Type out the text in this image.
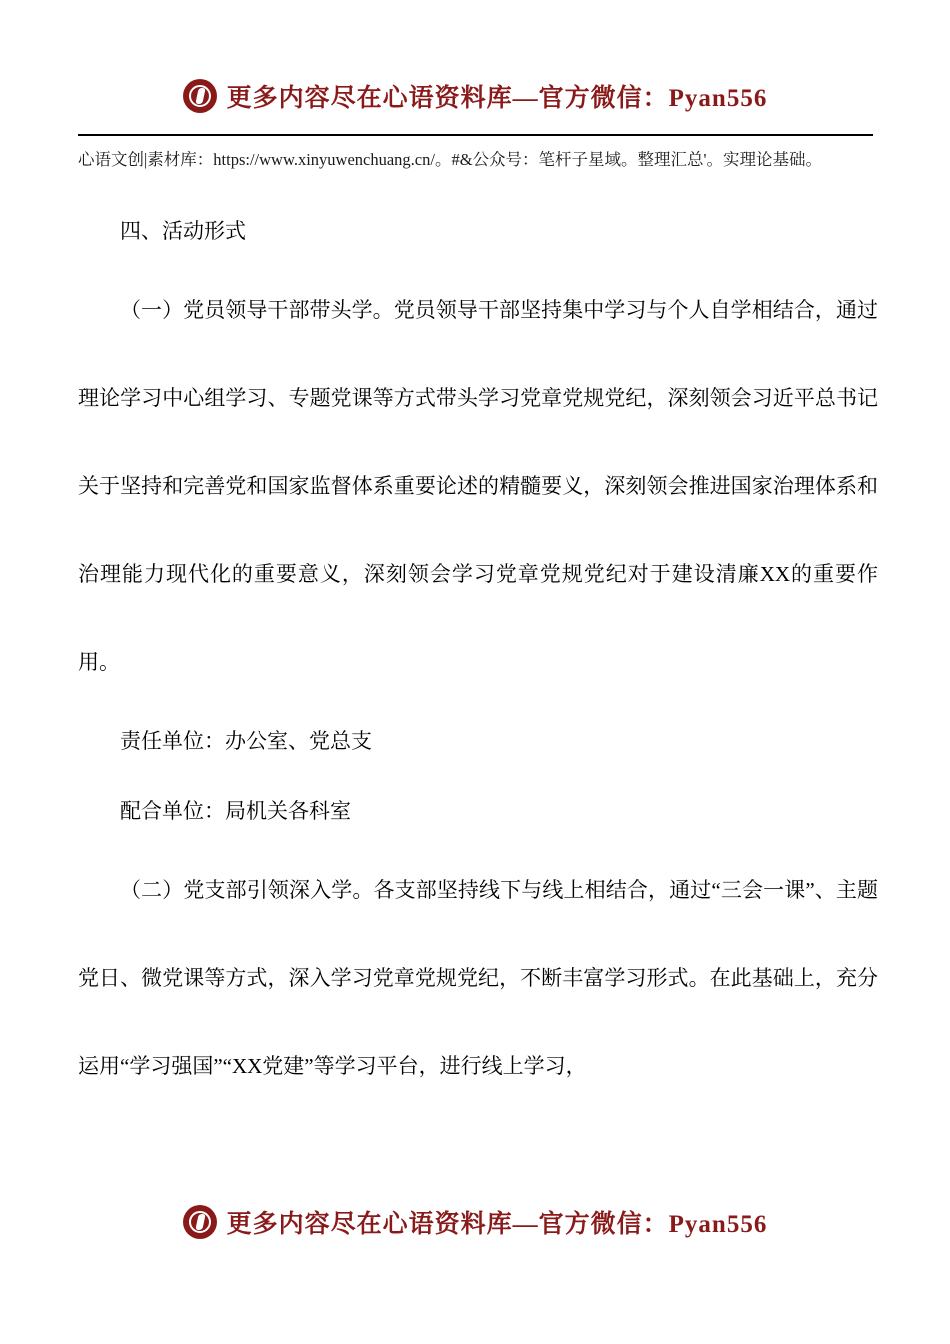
更多内容尽在心语资料库—官方微信：Pyan556
心语文创|素材库：https://www.xinyuwenchuang.cn/。#&公众号：笔杆子星域。整理汇总'。实理论基础。

四、活动形式

（一）党员领导干部带头学。党员领导干部坚持集中学习与个人自学相结合，通过理论学习中心组学习、专题党课等方式带头学习党章党规党纪，深刻领会习近平总书记关于坚持和完善党和国家监督体系重要论述的精髓要义，深刻领会推进国家治理体系和治理能力现代化的重要意义，深刻领会学习党章党规党纪对于建设清廉XX的重要作用。

责任单位：办公室、党总支

配合单位：局机关各科室

（二）党支部引领深入学。各支部坚持线下与线上相结合，通过“三会一课”、主题党日、微党课等方式，深入学习党章党规党纪，不断丰富学习形式。在此基础上，充分运用“学习强国”“XX党建”等学习平台，进行线上学习，

更多内容尽在心语资料库—官方微信：Pyan556
